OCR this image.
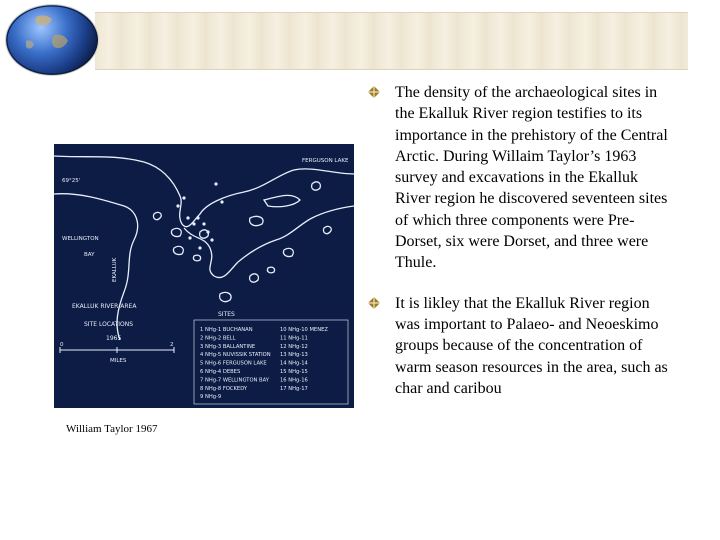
69°25'
FERGUSON LAKE
WELLINGTON
BAY
EKALLUK
EKALLUK RIVER AREA
SITE LOCATIONS
1965
0	2
MILES
SITES
1 NHg-1 BUCHANAN
2 NHg-2 BELL
3 NHg-3 BALLANTINE
4 NHg-5 NUVISSIK STATION
5 NHg-6 FERGUSON LAKE
6 NHg-4 DEBES
7 NHg-7 WELLINGTON BAY
8 NHg-8 FOCKEDY
9 NHg-9
10 NHg-10 MENEZ
11 NHg-11
12 NHg-12
13 NHg-13
14 NHg-14
15 NHg-15
16 NHg-16
17 NHg-17
William Taylor 1967
The density of the archaeological sites in the Ekalluk River region testifies to its importance in the prehistory of the Central Arctic. During Willaim Taylor’s 1963 survey and excavations in the Ekalluk River region he discovered seventeen sites of which three components were Pre-Dorset, six were Dorset, and three were Thule.
It is likley that the Ekalluk River region was important to Palaeo- and Neoeskimo groups because of the concentration of warm season resources in the area, such as char and caribou
